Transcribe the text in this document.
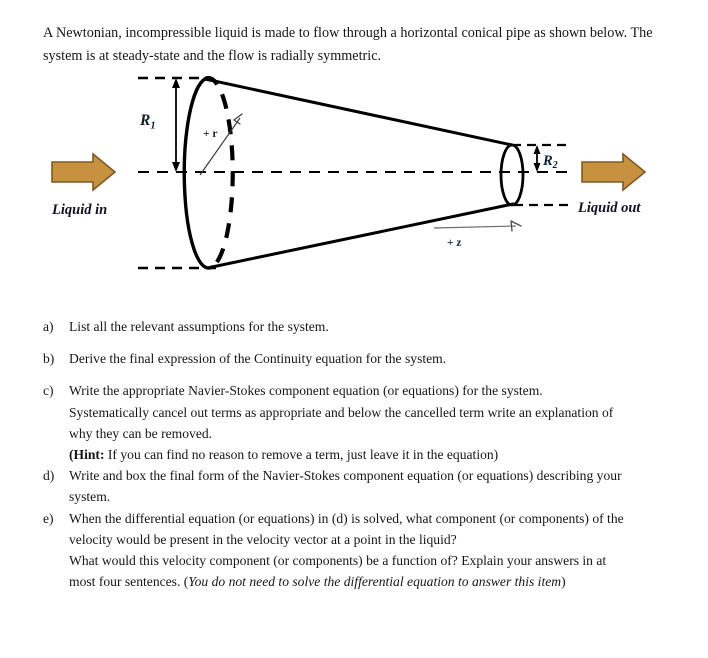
A Newtonian, incompressible liquid is made to flow through a horizontal conical pipe as shown below. The system is at steady-state and the flow is radially symmetric.
Liquid in	Liquid out
$R_1$
$R_2$
+ r
+ z
a)	List all the relevant assumptions for the system.
b)	Derive the final expression of the Continuity equation for the system.
c)	Write the appropriate Navier-Stokes component equation (or equations) for the system.
Systematically cancel out terms as appropriate and below the cancelled term write an explanation of
why they can be removed.
(Hint: If you can find no reason to remove a term, just leave it in the equation)
d)	Write and box the final form of the Navier-Stokes component equation (or equations) describing your
system.
e)	When the differential equation (or equations) in (d) is solved, what component (or components) of the
velocity would be present in the velocity vector at a point in the liquid?
What would this velocity component (or components) be a function of? Explain your answers in at
most four sentences. (You do not need to solve the differential equation to answer this item)
